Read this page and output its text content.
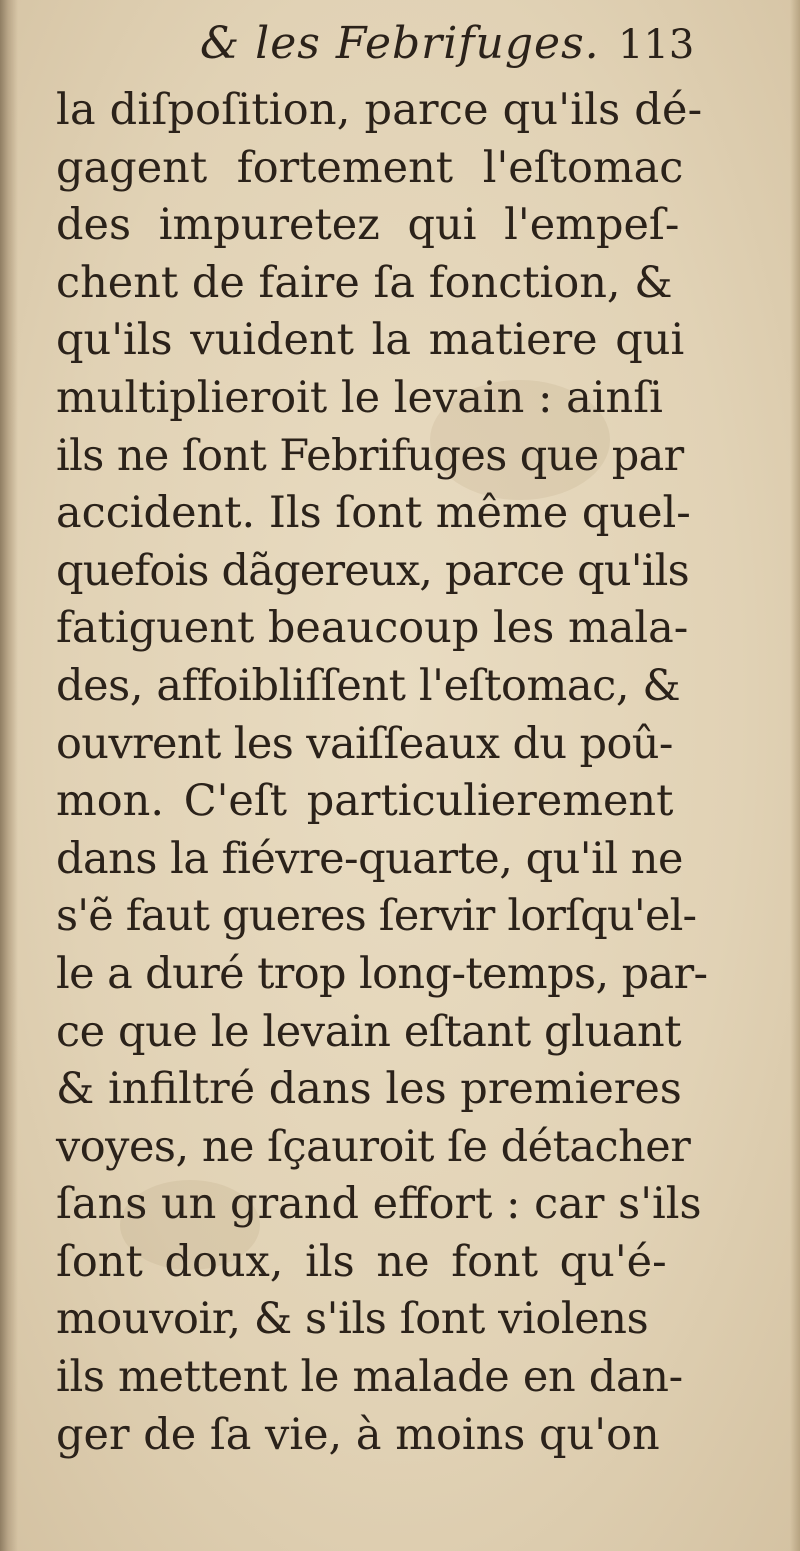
& les Febrifuges. 113
la diſpoſition, parce qu'ils dé-
gagent fortement l'eſtomac
des impuretez qui l'empeſ-
chent de faire ſa fonction, &
qu'ils vuident la matiere qui
multiplieroit le levain : ainſi
ils ne ſont Febrifuges que par
accident. Ils ſont même quel-
quefois dãgereux, parce qu'ils
fatiguent beaucoup les mala-
des, affoibliſſent l'eſtomac, &
ouvrent les vaiſſeaux du poû-
mon. C'eſt particulierement
dans la fiévre-quarte, qu'il ne
s'ẽ faut gueres ſervir lorſqu'el-
le a duré trop long-temps, par-
ce que le levain eſtant gluant
& infiltré dans les premieres
voyes, ne ſçauroit ſe détacher
ſans un grand effort : car s'ils
ſont doux, ils ne font qu'é-
mouvoir, & s'ils ſont violens
ils mettent le malade en dan-
ger de ſa vie, à moins qu'on
